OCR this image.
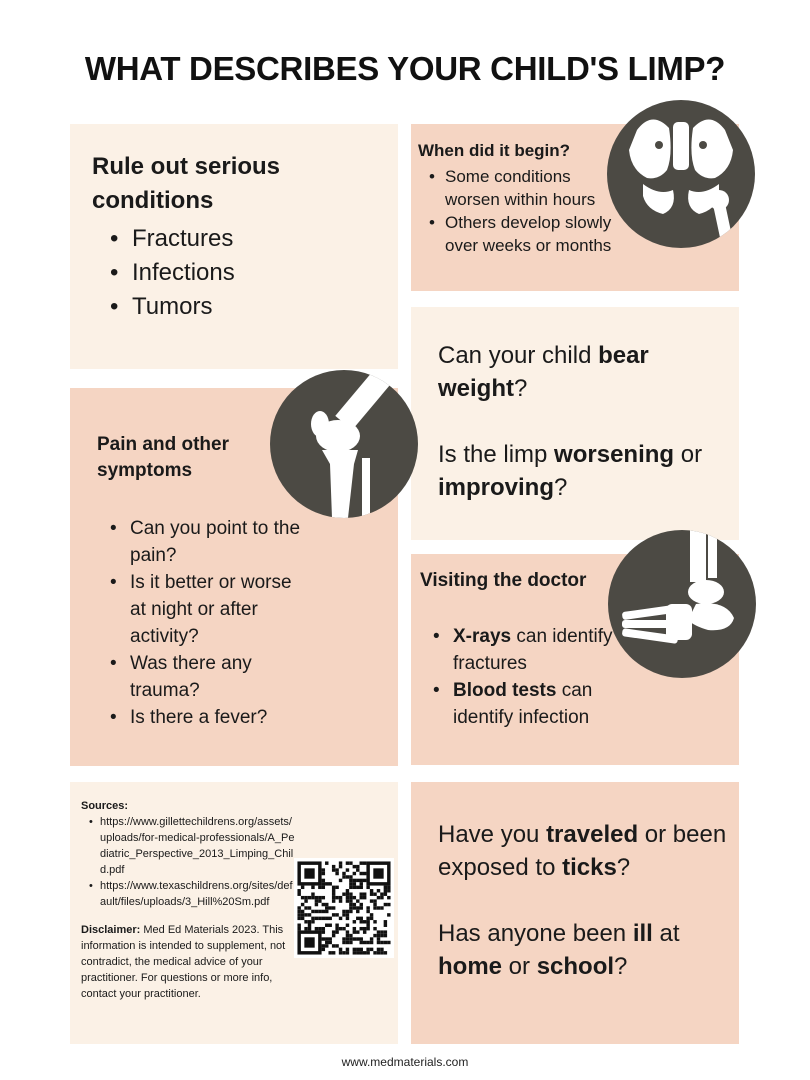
WHAT DESCRIBES YOUR CHILD'S LIMP?
Rule out serious conditions
• Fractures
• Infections
• Tumors
When did it begin?
• Some conditions worsen within hours
• Others develop slowly over weeks or months

Can your child bear weight?

Is the limp worsening or improving?

Pain and other symptoms
• Can you point to the pain?
• Is it better or worse at night or after activity?
• Was there any trauma?
• Is there a fever?
Visiting the doctor
• X-rays can identify fractures
• Blood tests can identify infection
Sources:
• https://www.gillettechildrens.org/assets/uploads/for-medical-professionals/A_Pediatric_Perspective_2013_Limping_Child.pdf
• https://www.texaschildrens.org/sites/default/files/uploads/3_Hill%20Sm.pdf
Disclaimer: Med Ed Materials 2023. This information is intended to supplement, not contradict, the medical advice of your practitioner. For questions or more info, contact your practitioner.

Have you traveled or been exposed to ticks?

Has anyone been ill at home or school?

www.medmaterials.com
